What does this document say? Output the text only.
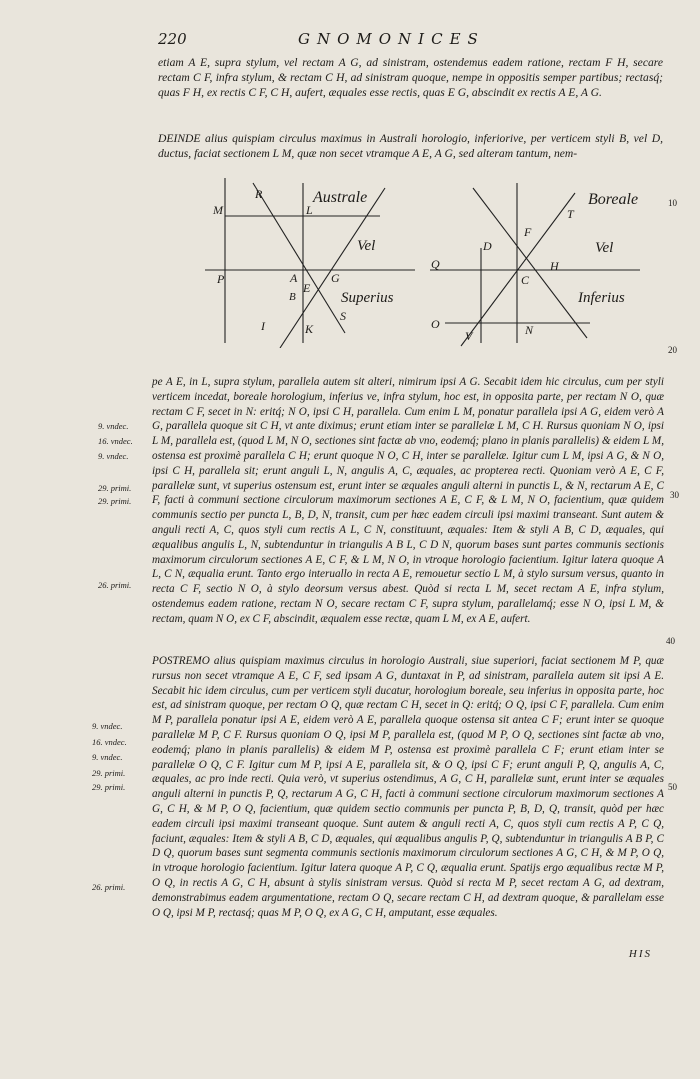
220	GNOMONICES

etiam A E, supra stylum, vel rectam A G, ad sinistram, ostendemus eadem ratione, rectam F H, secare rectam C F, infra stylum, & rectam C H, ad sinistram quoque, nempe in oppositis semper partibus; rectasq́; quas F H, ex rectis C F, C H, aufert, æquales esse rectis, quas E G, abscindit ex rectis A E, A G.

DEINDE alius quispiam circulus maximus in Australi horologio, inferiorive, per verticem styli B, vel D, ductus, faciat sectionem L M, quæ non secet vtramque A E, A G, sed alteram tantum, nem-

Australe
Vel
Superius
R
M	L
P	A	G
E
B
I	K
S
Boreale
Vel
Inferius
T
F
D
Q
C
H
O
V	N

pe A E, in L, supra stylum, parallela autem sit alteri, nimirum ipsi A G. Secabit idem hic circulus, cum per styli verticem incedat, boreale horologium, inferius ve, infra stylum, hoc est, in opposita parte, per rectam N O, quæ rectam C F, secet in N: eritq́; N O, ipsi C H, parallela. Cum enim L M, ponatur parallela ipsi A G, eidem verò A G, parallela quoque sit C H, vt ante diximus; erunt etiam inter se parallelæ L M, C H. Rursus quoniam N O, ipsi L M, parallela est, (quod L M, N O, sectiones sint factæ ab vno, eodemq́; plano in planis parallelis) & eidem L M, ostensa est proximè parallela C H; erunt quoque N O, C H, inter se parallelæ. Igitur cum L M, ipsi A G, & N O, ipsi C H, parallela sit; erunt anguli L, N, angulis A, C, æquales, ac propterea recti. Quoniam verò A E, C F, parallelæ sunt, vt superius ostensum est, erunt inter se æquales anguli alterni in punctis L, & N, rectarum A E, C F, facti à communi sectione circulorum maximorum sectiones A E, C F, & L M, N O, facientium, quæ quidem communis sectio per puncta L, B, D, N, transit, cum per hæc eadem circuli ipsi maximi transeant. Sunt autem & anguli recti A, C, quos styli cum rectis A L, C N, constituunt, æquales: Item & styli A B, C D, æquales, qui æqualibus angulis L, N, subtenduntur in triangulis A B L, C D N, quorum bases sunt partes communis sectionis maximorum circulorum sectiones A E, C F, & L M, N O, in vtroque horologio facientium. Igitur latera quoque A L, C N, æqualia erunt. Tanto ergo interuallo in recta A E, remouetur sectio L M, à stylo sursum versus, quanto in recta C F, sectio N O, à stylo deorsum versus abest. Quòd si recta L M, secet rectam A E, infra stylum, ostendemus eadem ratione, rectam N O, secare rectam C F, supra stylum, parallelamq́; esse N O, ipsi L M, & rectam, quam N O, ex C F, abscindit, æqualem esse rectæ, quam L M, ex A E, aufert.

POSTREMO alius quispiam maximus circulus in horologio Australi, siue superiori, faciat sectionem M P, quæ rursus non secet vtramque A E, C F, sed ipsam A G, duntaxat in P, ad sinistram, parallela autem sit ipsi A E. Secabit hic idem circulus, cum per verticem styli ducatur, horologium boreale, seu inferius in opposita parte, hoc est, ad sinistram quoque, per rectam O Q, quæ rectam C H, secet in Q: eritq́; O Q, ipsi C F, parallela. Cum enim M P, parallela ponatur ipsi A E, eidem verò A E, parallela quoque ostensa sit antea C F; erunt inter se quoque parallelæ M P, C F. Rursus quoniam O Q, ipsi M P, parallela est, (quod M P, O Q, sectiones sint factæ ab vno, eodemq́; plano in planis parallelis) & eidem M P, ostensa est proximè parallela C F; erunt etiam inter se parallelæ O Q, C F. Igitur cum M P, ipsi A E, parallela sit, & O Q, ipsi C F; erunt anguli P, Q, angulis A, C, æquales, ac pro inde recti. Quia verò, vt superius ostendimus, A G, C H, parallelæ sunt, erunt inter se æquales anguli alterni in punctis P, Q, rectarum A G, C H, facti à communi sectione circulorum maximorum sectiones A G, C H, & M P, O Q, facientium, quæ quidem sectio communis per puncta P, B, D, Q, transit, quòd per hæc eadem circuli ipsi maximi transeant quoque. Sunt autem & anguli recti A, C, quos styli cum rectis A P, C Q, faciunt, æquales: Item & styli A B, C D, æquales, qui æqualibus angulis P, Q, subtenduntur in triangulis A B P, C D Q, quorum bases sunt segmenta communis sectionis maximorum circulorum sectiones A G, C H, & M P, O Q, in vtroque horologio facientium. Igitur latera quoque A P, C Q, æqualia erunt. Spatijs ergo æqualibus rectæ M P, O Q, in rectis A G, C H, absunt à stylis sinistram versus. Quòd si recta M P, secet rectam A G, ad dextram, demonstrabimus eadem argumentatione, rectam O Q, secare rectam C H, ad dextram quoque, & parallelam esse O Q, ipsi M P, rectasq́; quas M P, O Q, ex A G, C H, amputant, esse æquales.

9. vndec.
16. vndec.
9. vndec.
29. primi.
29. primi.
26. primi.
9. vndec.
16. vndec.
9. vndec.
29. primi.
29. primi.
26. primi.
10
20
30
40
50
HIS
